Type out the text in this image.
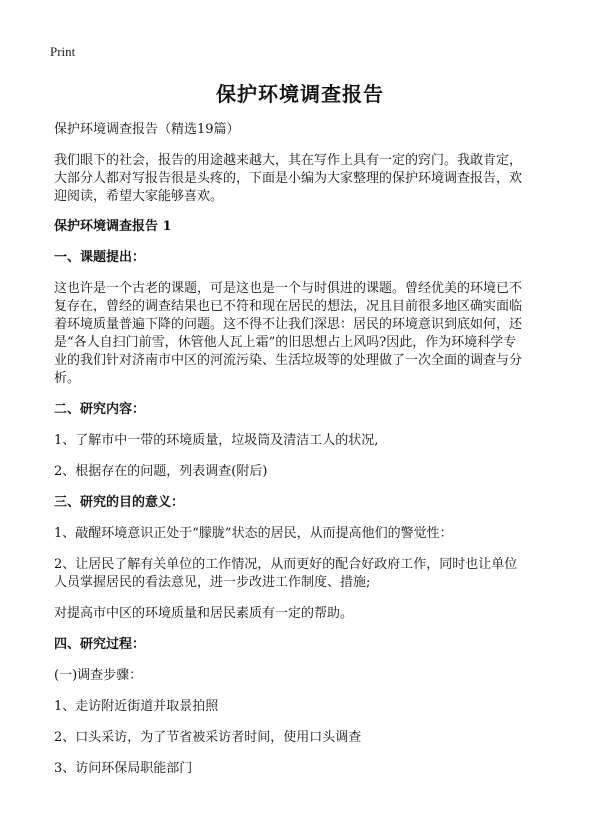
Print
保护环境调查报告
保护环境调查报告（精选19篇）
我们眼下的社会，报告的用途越来越大，其在写作上具有一定的窍门。我敢肯定，
大部分人都对写报告很是头疼的，下面是小编为大家整理的保护环境调查报告，欢
迎阅读，希望大家能够喜欢。
保护环境调查报告 1
一、课题提出：
这也许是一个古老的课题，可是这也是一个与时俱进的课题。曾经优美的环境已不
复存在，曾经的调查结果也已不符和现在居民的想法，况且目前很多地区确实面临
着环境质量普遍下降的问题。这不得不让我们深思：居民的环境意识到底如何，还
是“各人自扫门前雪，休管他人瓦上霜”的旧思想占上风吗?因此，作为环境科学专
业的我们针对济南市中区的河流污染、生活垃圾等的处理做了一次全面的调查与分
析。
二、研究内容：
1、了解市中一带的环境质量，垃圾筒及清洁工人的状况,
2、根据存在的问题，列表调查(附后)
三、研究的目的意义：
1、敲醒环境意识正处于“朦胧”状态的居民，从而提高他们的警觉性：
2、让居民了解有关单位的工作情况，从而更好的配合好政府工作，同时也让单位
人员掌握居民的看法意见，进一步改进工作制度、措施;
对提高市中区的环境质量和居民素质有一定的帮助。
四、研究过程：
(一)调查步骤：
1、走访附近街道并取景拍照
2、口头采访，为了节省被采访者时间，使用口头调查
3、访问环保局职能部门
